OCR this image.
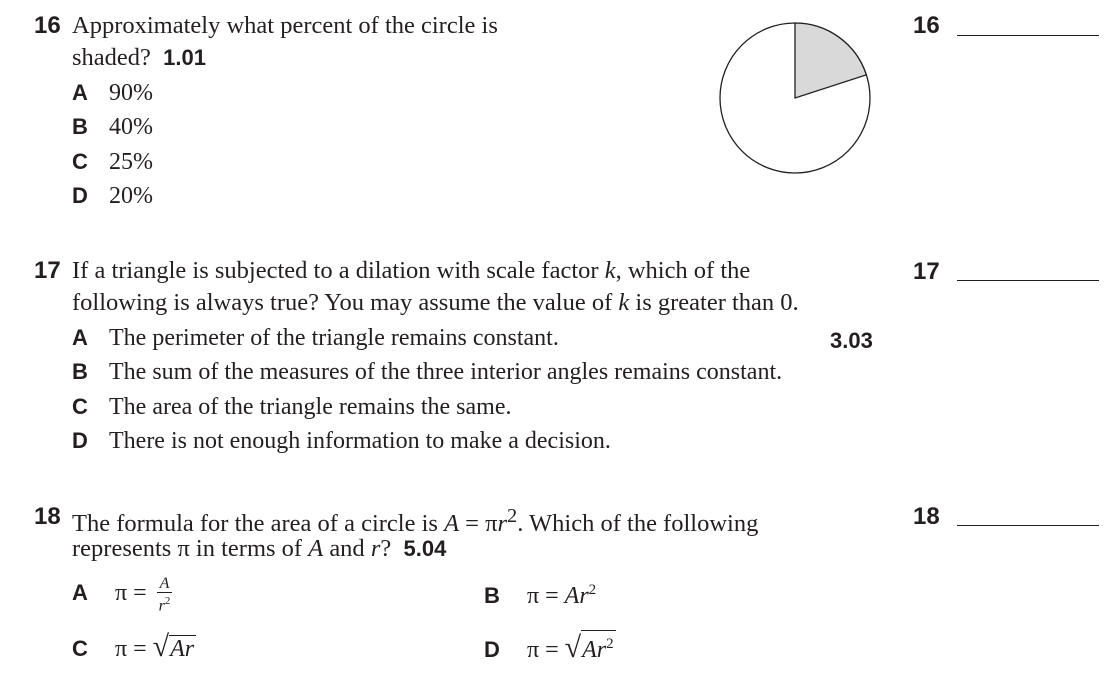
16 Approximately what percent of the circle is
shaded? 1.01
A 90%
B 40%
C 25%
D 20%
16
17 If a triangle is subjected to a dilation with scale factor k, which of the
following is always true? You may assume the value of k is greater than 0.
A The perimeter of the triangle remains constant.	3.03
B The sum of the measures of the three interior angles remains constant.
C The area of the triangle remains the same.
D There is not enough information to make a decision.
17
18 The formula for the area of a circle is $A = \pi r^2$. Which of the following
represents π in terms of A and r? 5.04
A $\pi = \frac{A}{r^2}$	B $\pi = Ar^2$
C π = √Ar	D $\pi = √Ar^2$
18
